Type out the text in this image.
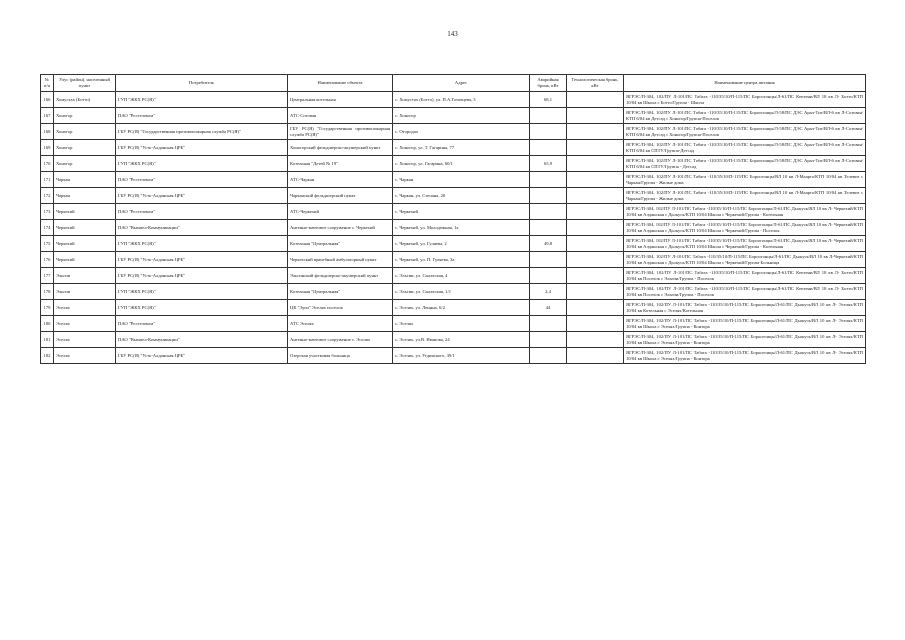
143
№ п/п	Улус (район), населенный пункт	Потребитель	Наименование объекта	Адрес	Аварийная бронь, кВт	Технологическая бронь, кВт	Наименование центра питания
166	Хомустах (Ботто)	ГУП "ЖКХ РС(Я)"	Центральная котельная	с. Хомустах (Ботто), ул. П.А.Готовцева, 3	68,1		ЯГРЭС/П-304, 102/ПУ Л-101/ПС Табага -110/35/10/П-115/ПС Бороогонцы/Л-61/ПС Кептени/ВЛ 10 кв Л- Ботто/КТП 10/04 кв Школа с Ботто/Группа - Школа
167	Хоногор	ПАО "Ростелеком"	АТС-Сотовая	с. Хоногор			ЯГРЭС/П-304, 102/ПУ Л-101/ПС Табага -110/35/10/П-115/ПС Бороогонцы/Л-58/ПС ДЭС Арал-Тит/ВЛ-6 кв Л-Сотовая/КТП 6/04 кв Детсад с Хоногор/Группа-Поселок
168	Хоногор	ГБУ РС(Я) "Государственная противопожарная служба РС(Я)"	ГБУ РС(Я) "Государственная противопожарная служба РС(Я)"	с. Отородах			ЯГРЭС/П-304, 102/ПУ Л-101/ПС Табага -110/35/10/П-115/ПС Бороогонцы/Л-58/ПС ДЭС Арал-Тит/ВЛ-6 кв Л-Сотовая/КТП 6/04 кв Детсад с Хоногор/Группа-Поселок
169	Хоногор	ГБУ РС(Я) "Усть-Алданская ЦРБ"	Хоногорский фельдшерско-акушерский пункт	с. Хоногор, ул. Т. Гагарина, 77			ЯГРЭС/П-304, 102/ПУ Л-101/ПС Табага -110/35/10/П-115/ПС Бороогонцы/Л-58/ПС ДЭС Арал-Тит/ВЛ-6 кв Л-Сотовая/КТП 6/04 кв СПТУ/Группа-Детсад
170	Хоногор	ГУП "ЖКХ РС(Я)"	Котельная "Детей № 19"	с. Хоногор, ул. Гагарина, 60/1	65,9		ЯГРЭС/П-304, 102/ПУ Л-101/ПС Табага -110/35/10/П-115/ПС Бороогонцы/Л-58/ПС ДЭС Арал-Тит/ВЛ-6 кв Л-Сотовая/КТП 6/04 кв СПТУ/Группа - Детсад
171	Чаркан	ПАО "Ростелеком"	АТС-Чаркан	с. Чаркан			ЯГРЭС/П-304, 102/ПУ Л-101/ПС Табага -110/35/10/П-115/ПС Бороогонцы/ВЛ 10 кв Л-Маарга/КТП 10/04 кв Телевиз с Чаркан/Группа - Жилые дома
172	Чаркан	ГБУ РС(Я) "Усть-Алданская ЦРБ"	Чарканский фельдшерский пункт	с. Чаркан, ул. Степана, 20			ЯГРЭС/П-304, 102/ПУ Л-101/ПС Табага -110/35/10/П-115/ПС Бороогонцы/ВЛ 10 кв Л-Маарга/КТП 10/04 кв Телевиз с Чаркан/Группа - Жилые дома
173	Черкехий	ПАО "Ростелеком"	АТС-Черкехий	с. Черкехий			ЯГРЭС/П-304, 102/ПУ Л-101/ПС Табага -110/35/10/П-115/ПС Бороогонцы/Л-61/ПС Дьокуск/ВЛ 10 кв Л- Черкехий/КТП 10/04 кв Алданская с Дьокуск/КТП 10/04 Школа с Черкехий/Группа - Котельная
174	Черкехий	ПАО "Вымпел-Коммуникации"	Антенно-мачтовое сооружение с. Черкехий	с. Черкехий, ул. Молодежная, 1а			ЯГРЭС/П-304, 102/ПУ Л-101/ПС Табага -110/35/10/П-115/ПС Бороогонцы/Л-61/ПС Дьокуск/ВЛ 10 кв Л- Черкехий/КТП 10/04 кв Алданская с Дьокуск/КТП 10/04 Школа с Черкехий/Группа - Поселок
175	Черкехий	ГУП "ЖКХ РС(Я)"	Котельная "Центральная"	с. Черкехий, ул. Гуляева, 2	49,8		ЯГРЭС/П-304, 102/ПУ Л-101/ПС Табага -110/35/10/П-115/ПС Бороогонцы/Л-61/ПС Дьокуск/ВЛ 10 кв Л- Черкехий/КТП 10/04 кв Алданская с Дьокуск/КТП 10/04 Школа с Черкехий/Группа - Котельная
176	Черкехий	ГБУ РС(Я) "Усть-Алданская ЦРБ"	Черкехский врачебный амбулаторный пункт	с. Черкехий, ул. П. Гуляева, 3а			ЯГРЭС/П-304, 102/ПУ Л-101/ПС Табага -110/35/10/П-115/ПС Бороогонцы/Л-61/ПС Дьокуск/ВЛ 10 кв Л-Черкехий/КТП 10/04 кв Алданская с Дьокуск/КТП 10/04 Школа с Черкехий/Группа-Больница
177	Эльгии	ГБУ РС(Я) "Усть-Алданская ЦРБ"	Эльгинский фельдшерско-акушерский пункт	с. Эльгии, ул. Сыгатская, 4			ЯГРЭС/П-304, 102/ПУ Л-101/ПС Табага -110/35/10/П-115/ПС Бороогонцы/Л-61/ПС Кептени/ВЛ 10 кв Л- Ботто/КТП 10/04 кв Поселок с Эльгии/Группа - Поселок
178	Эльгии	ГУП "ЖКХ РС(Я)"	Котельная "Центральная"	с. Эльгии, ул. Сыгатская, 1/1	2,4		ЯГРЭС/П-304, 102/ПУ Л-101/ПС Табага -110/35/10/П-115/ПС Бороогонцы/Л-61/ПС Кептени/ВЛ 10 кв Л- Ботто/КТП 10/04 кв Поселок с Эльгии/Группа - Поселок
179	Эселях	ГУП "ЖКХ РС(Я)"	ЦК "Эрэл" Эселях поселок	с. Эселях, ул. Ленина, 6/2	44		ЯГРЭС/П-304, 102/ПУ Л-101/ПС Табага -110/35/10/П-115/ПС Бороогонцы/Л-61/ПС Дьокуск/ВЛ 10 кв Л- Эселях/КТП 10/04 кв Котельная с Эселях/Котельная
180	Эселях	ПАО "Ростелеком"	АТС Эселях	с. Эселях			ЯГРЭС/П-304, 102/ПУ Л-101/ПС Табага -110/35/10/П-115/ПС Бороогонцы/Л-61/ПС Дьокуск/ВЛ 10 кв Л- Эселях/КТП 10/04 кв Школа с Эселях/Группа - Контора
181	Эселях	ПАО "Вымпел-Коммуникации"	Антенно-мачтовое сооружение с. Эселях	с. Эселях, ул.В. Иванова, 24			ЯГРЭС/П-304, 102/ПУ Л-101/ПС Табага -110/35/10/П-115/ПС Бороогонцы/Л-61/ПС Дьокуск/ВЛ 10 кв Л- Эселях/КТП 10/04 кв Школа с Эселях/Группа - Контора
182	Эселях	ГБУ РС(Я) "Усть-Алданская ЦРБ"	Озерская участковая больница	с. Эселях, ул. Угдинского, 39/1			ЯГРЭС/П-304, 102/ПУ Л-101/ПС Табага -110/35/10/П-115/ПС Бороогонцы/Л-61/ПС Дьокуск/ВЛ 10 кв Л- Эселях/КТП 10/04 кв Школа с Эселях/Группа - Контора
